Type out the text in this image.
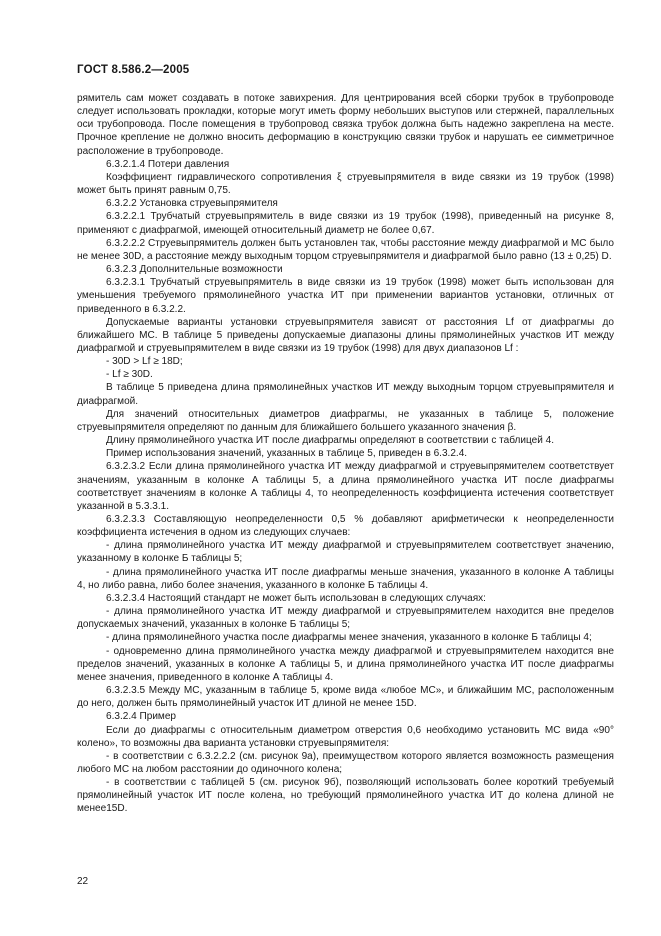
ГОСТ 8.586.2—2005

рямитель сам может создавать в потоке завихрения. Для центрирования всей сборки трубок в трубопроводе следует использовать прокладки, которые могут иметь форму небольших выступов или стержней, параллельных оси трубопровода. После помещения в трубопровод связка трубок должна быть надежно закреплена на месте. Прочное крепление не должно вносить деформацию в конструкцию связки трубок и нарушать ее симметричное расположение в трубопроводе.

6.3.2.1.4 Потери давления

Коэффициент гидравлического сопротивления ξ струевыпрямителя в виде связки из 19 трубок (1998) может быть принят равным 0,75.

6.3.2.2 Установка струевыпрямителя

6.3.2.2.1 Трубчатый струевыпрямитель в виде связки из 19 трубок (1998), приведенный на рисунке 8, применяют с диафрагмой, имеющей относительный диаметр не более 0,67.

6.3.2.2.2 Струевыпрямитель должен быть установлен так, чтобы расстояние между диафрагмой и МС было не менее 30D, а расстояние между выходным торцом струевыпрямителя и диафрагмой было равно (13 ± 0,25) D.

6.3.2.3 Дополнительные возможности

6.3.2.3.1 Трубчатый струевыпрямитель в виде связки из 19 трубок (1998) может быть использован для уменьшения требуемого прямолинейного участка ИТ при применении вариантов установки, отличных от приведенного в 6.3.2.2.

Допускаемые варианты установки струевыпрямителя зависят от расстояния Lf от диафрагмы до ближайшего МС. В таблице 5 приведены допускаемые диапазоны длины прямолинейных участков ИТ между диафрагмой и струевыпрямителем в виде связки из 19 трубок (1998) для двух диапазонов Lf :

- 30D > Lf ≥ 18D;

- Lf ≥ 30D.

В таблице 5 приведена длина прямолинейных участков ИТ между выходным торцом струевыпрямителя и диафрагмой.

Для значений относительных диаметров диафрагмы, не указанных в таблице 5, положение струевыпрямителя определяют по данным для ближайшего большего указанного значения β.

Длину прямолинейного участка ИТ после диафрагмы определяют в соответствии с таблицей 4.

Пример использования значений, указанных в таблице 5, приведен в 6.3.2.4.

6.3.2.3.2 Если длина прямолинейного участка ИТ между диафрагмой и струевыпрямителем соответствует значениям, указанным в колонке А таблицы 5, а длина прямолинейного участка ИТ после диафрагмы соответствует значениям в колонке А таблицы 4, то неопределенность коэффициента истечения соответствует указанной в 5.3.3.1.

6.3.2.3.3 Составляющую неопределенности 0,5 % добавляют арифметически к неопределенности коэффициента истечения в одном из следующих случаев:

- длина прямолинейного участка ИТ между диафрагмой и струевыпрямителем соответствует значению, указанному в колонке Б таблицы 5;

- длина прямолинейного участка ИТ после диафрагмы меньше значения, указанного в колонке А таблицы 4, но либо равна, либо более значения, указанного в колонке Б таблицы 4.

6.3.2.3.4 Настоящий стандарт не может быть использован в следующих случаях:

- длина прямолинейного участка ИТ между диафрагмой и струевыпрямителем находится вне пределов допускаемых значений, указанных в колонке Б таблицы 5;

- длина прямолинейного участка после диафрагмы менее значения, указанного в колонке Б таблицы 4;

- одновременно длина прямолинейного участка между диафрагмой и струевыпрямителем находится вне пределов значений, указанных в колонке А таблицы 5, и длина прямолинейного участка ИТ после диафрагмы менее значения, приведенного в колонке А таблицы 4.

6.3.2.3.5 Между МС, указанным в таблице 5, кроме вида «любое МС», и ближайшим МС, расположенным до него, должен быть прямолинейный участок ИТ длиной не менее 15D.

6.3.2.4 Пример

Если до диафрагмы с относительным диаметром отверстия 0,6 необходимо установить МС вида «90° колено», то возможны два варианта установки струевыпрямителя:

- в соответствии с 6.3.2.2.2 (см. рисунок 9а), преимуществом которого является возможность размещения любого МС на любом расстоянии до одиночного колена;

- в соответствии с таблицей 5 (см. рисунок 9б), позволяющий использовать более короткий требуемый прямолинейный участок ИТ после колена, но требующий прямолинейного участка ИТ до колена длиной не менее15D.

22
